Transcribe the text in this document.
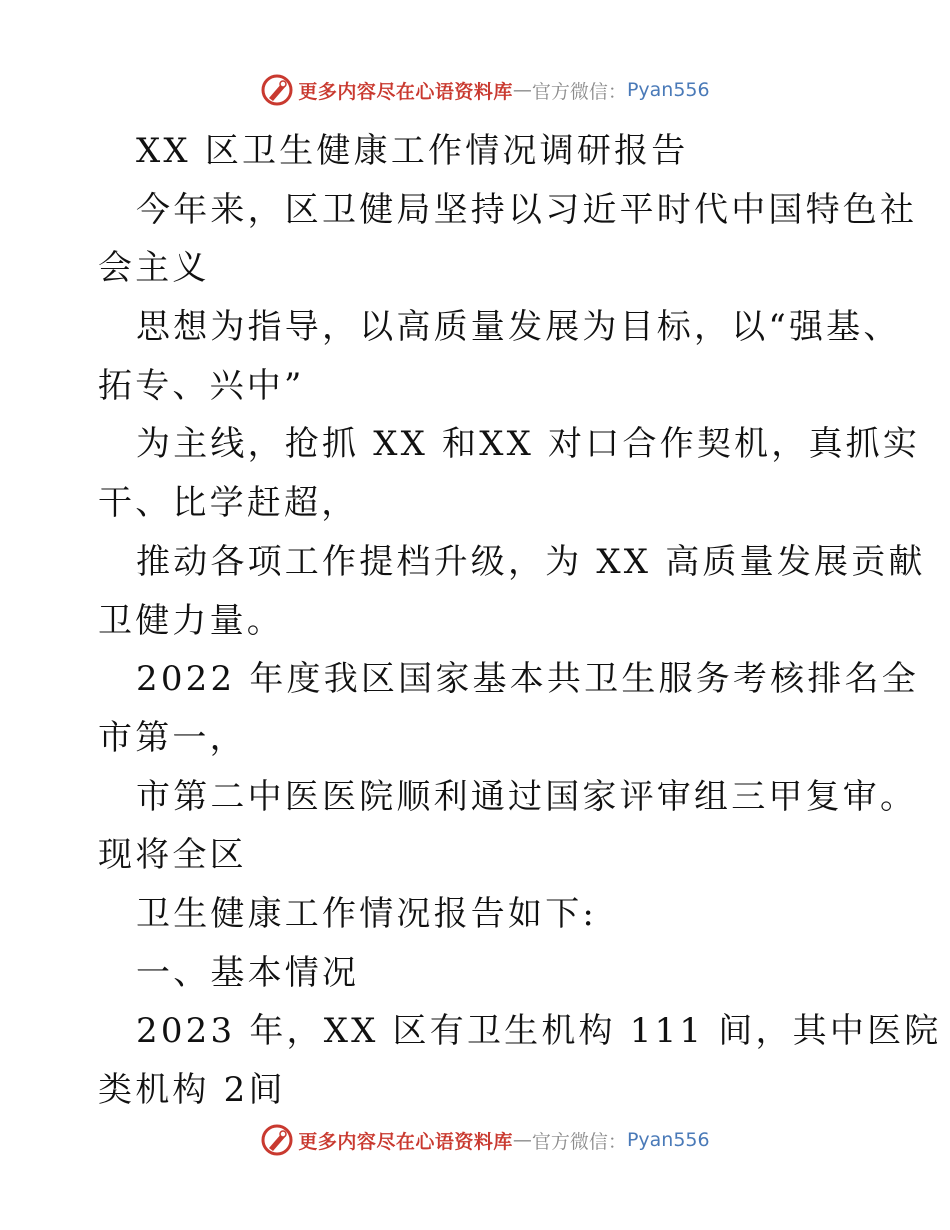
更多内容尽在心语资料库 — 官方微信： Pyan556
XX 区卫生健康工作情况调研报告
今年来，区卫健局坚持以习近平时代中国特色社
会主义
思想为指导，以高质量发展为目标，以“强基、
拓专、兴中”
为主线，抢抓 XX 和XX 对口合作契机，真抓实
干、比学赶超，
推动各项工作提档升级，为 XX 高质量发展贡献
卫健力量。
2022 年度我区国家基本共卫生服务考核排名全
市第一，
市第二中医医院顺利通过国家评审组三甲复审。
现将全区
卫生健康工作情况报告如下:
一、基本情况
2023 年，XX 区有卫生机构 111 间，其中医院
类机构 2间
更多内容尽在心语资料库 — 官方微信： Pyan556
